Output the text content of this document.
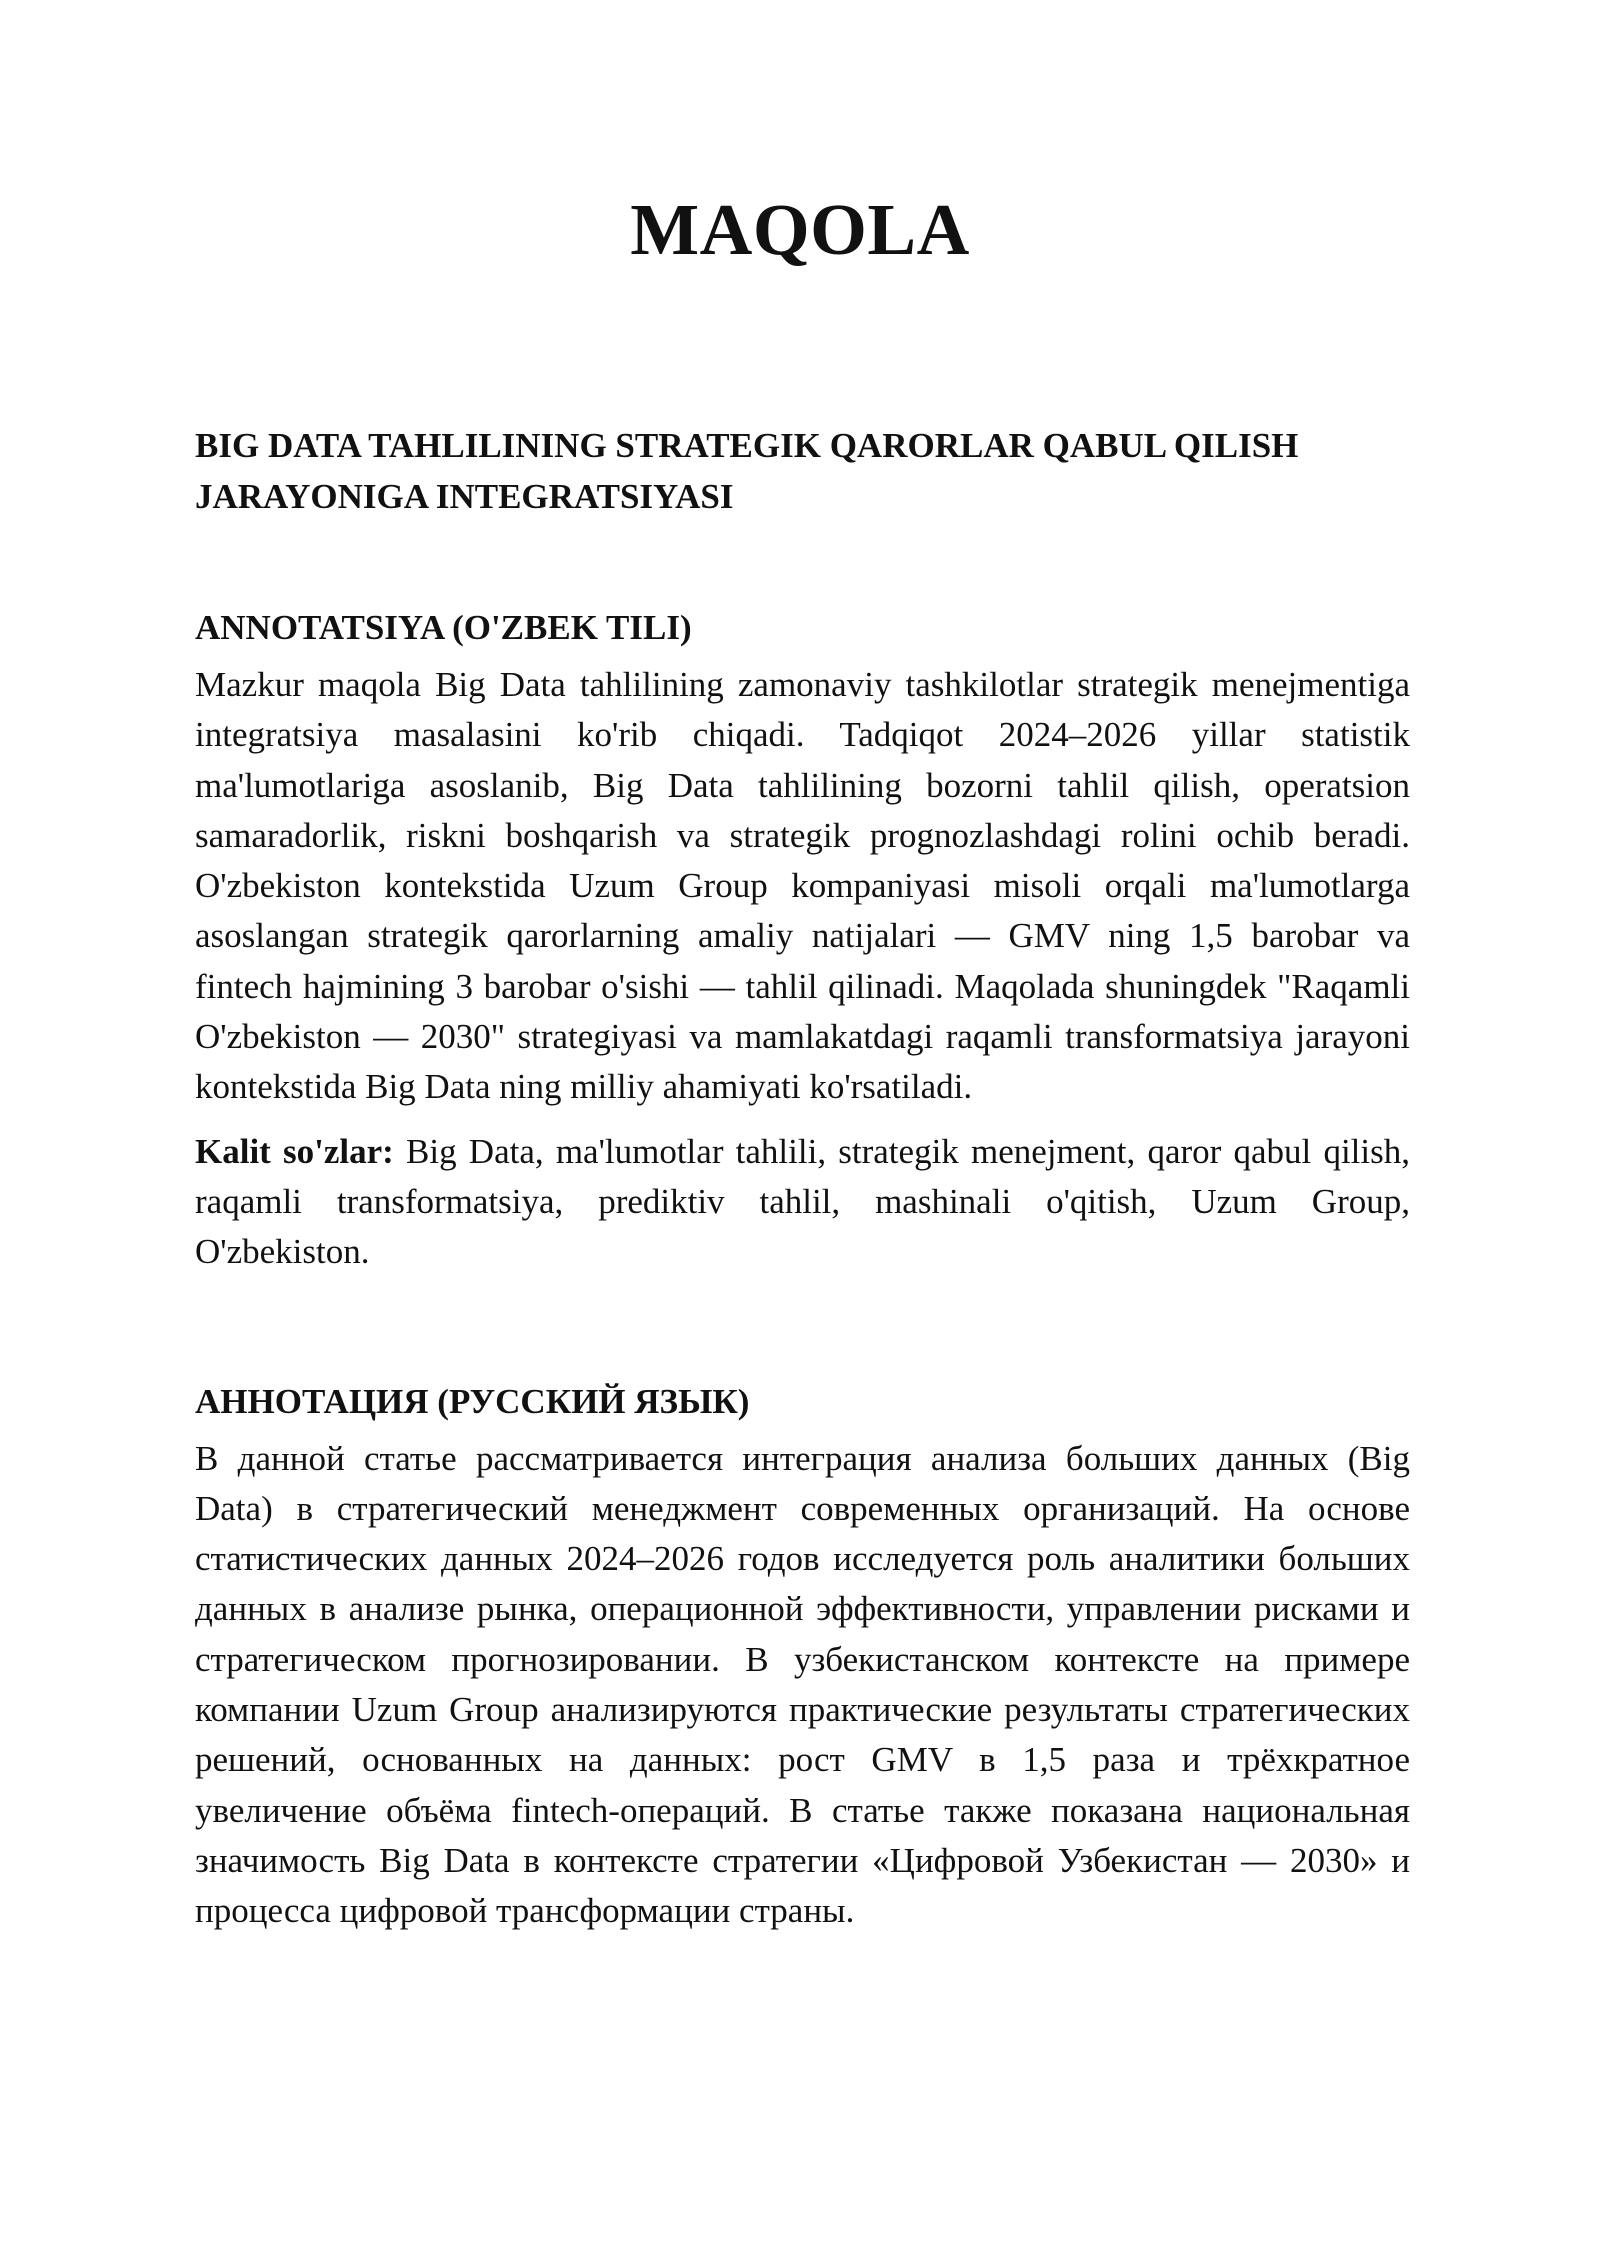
MAQOLA
BIG DATA TAHLILINING STRATEGIK QARORLAR QABUL QILISH JARAYONIGA INTEGRATSIYASI
ANNOTATSIYA (O'ZBEK TILI)

Mazkur maqola Big Data tahlilining zamonaviy tashkilotlar strategik menejmentiga integratsiya masalasini ko'rib chiqadi. Tadqiqot 2024–2026 yillar statistik ma'lumotlariga asoslanib, Big Data tahlilining bozorni tahlil qilish, operatsion samaradorlik, riskni boshqarish va strategik prognozlashdagi rolini ochib beradi. O'zbekiston kontekstida Uzum Group kompaniyasi misoli orqali ma'lumotlarga asoslangan strategik qarorlarning amaliy natijalari — GMV ning 1,5 barobar va fintech hajmining 3 barobar o'sishi — tahlil qilinadi. Maqolada shuningdek "Raqamli O'zbekiston — 2030" strategiyasi va mamlakatdagi raqamli transformatsiya jarayoni kontekstida Big Data ning milliy ahamiyati ko'rsatiladi.

Kalit so'zlar: Big Data, ma'lumotlar tahlili, strategik menejment, qaror qabul qilish, raqamli transformatsiya, prediktiv tahlil, mashinali o'qitish, Uzum Group, O'zbekiston.

АННОТАЦИЯ (РУССКИЙ ЯЗЫК)

В данной статье рассматривается интеграция анализа больших данных (Big Data) в стратегический менеджмент современных организаций. На основе статистических данных 2024–2026 годов исследуется роль аналитики больших данных в анализе рынка, операционной эффективности, управлении рисками и стратегическом прогнозировании. В узбекистанском контексте на примере компании Uzum Group анализируются практические результаты стратегических решений, основанных на данных: рост GMV в 1,5 раза и трёхкратное увеличение объёма fintech-операций. В статье также показана национальная значимость Big Data в контексте стратегии «Цифровой Узбекистан — 2030» и процесса цифровой трансформации страны.
